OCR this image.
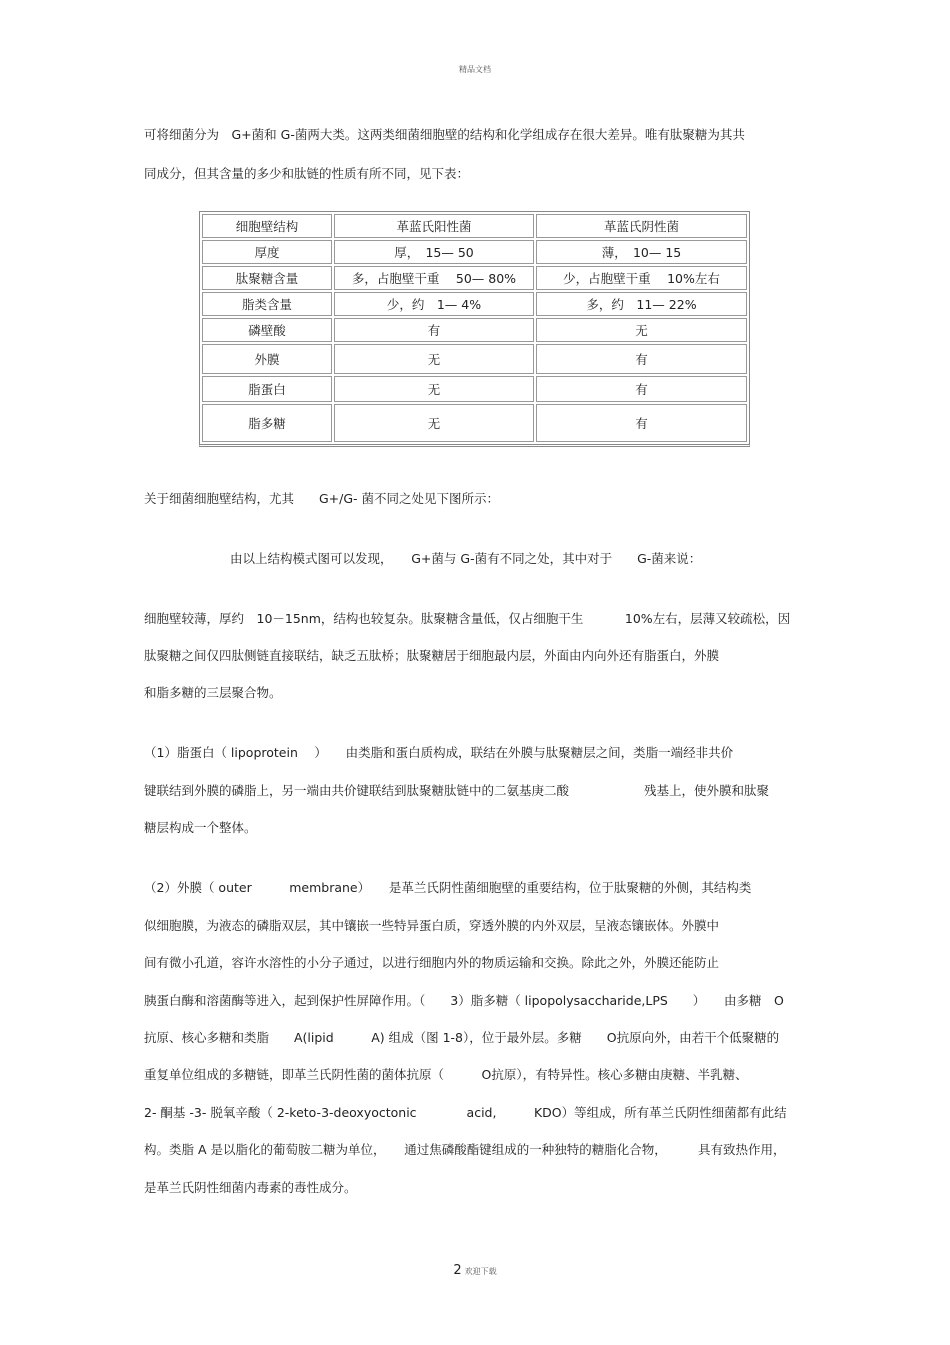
精品文档
可将细菌分为　G+菌和 G-菌两大类。这两类细菌细胞壁的结构和化学组成存在很大差异。唯有肽聚糖为其共
同成分，但其含量的多少和肽链的性质有所不同，见下表：
细胞壁结构	革蓝氏阳性菌	革蓝氏阴性菌
厚度	厚，　15— 50	薄，　10— 15
肽聚糖含量	多，占胞壁干重　 50— 80%	少，占胞壁干重　 10%左右
脂类含量	少，约　1— 4%	多，约　11— 22%
磷壁酸	有	无
外膜	无	有
脂蛋白	无	有
脂多糖	无	有
关于细菌细胞壁结构，尤其　　G+/G- 菌不同之处见下图所示：
由以上结构模式图可以发现，　　G+菌与 G-菌有不同之处，其中对于　　G-菌来说：
细胞壁较薄，厚约　10－15nm，结构也较复杂。肽聚糖含量低，仅占细胞干生　　　 10%左右，层薄又较疏松，因
肽聚糖之间仅四肽侧链直接联结，缺乏五肽桥；肽聚糖居于细胞最内层，外面由内向外还有脂蛋白，外膜
和脂多糖的三层聚合物。
（1）脂蛋白（ lipoprotein　 ）　　由类脂和蛋白质构成，联结在外膜与肽聚糖层之间，类脂一端经非共价
键联结到外膜的磷脂上，另一端由共价键联结到肽聚糖肽链中的二氨基庚二酸　　　　　　残基上，使外膜和肽聚
糖层构成一个整体。
（2）外膜（ outer　　　membrane）　　是革兰氏阴性菌细胞壁的重要结构，位于肽聚糖的外侧，其结构类
似细胞膜，为液态的磷脂双层，其中镶嵌一些特异蛋白质，穿透外膜的内外双层，呈液态镶嵌体。外膜中
间有微小孔道，容许水溶性的小分子通过，以进行细胞内外的物质运输和交换。除此之外，外膜还能防止
胰蛋白酶和溶菌酶等进入，起到保护性屏障作用。（　　3）脂多糖（ lipopolysaccharide,LPS　　）　　由多糖　O
抗原、核心多糖和类脂　　A(lipid　　　A) 组成（图 1-8），位于最外层。多糖　　O抗原向外，由若干个低聚糖的
重复单位组成的多糖链，即革兰氏阴性菌的菌体抗原（　　　O抗原），有特异性。核心多糖由庚糖、半乳糖、
2- 酮基 -3- 脱氧辛酸（ 2-keto-3-deoxyoctonic　　　　acid,　　　KDO）等组成，所有革兰氏阴性细菌都有此结
构。类脂 A 是以脂化的葡萄胺二糖为单位，　　通过焦磷酸酯键组成的一种独特的糖脂化合物，　　　具有致热作用，
是革兰氏阴性细菌内毒素的毒性成分。
2 欢迎下载
